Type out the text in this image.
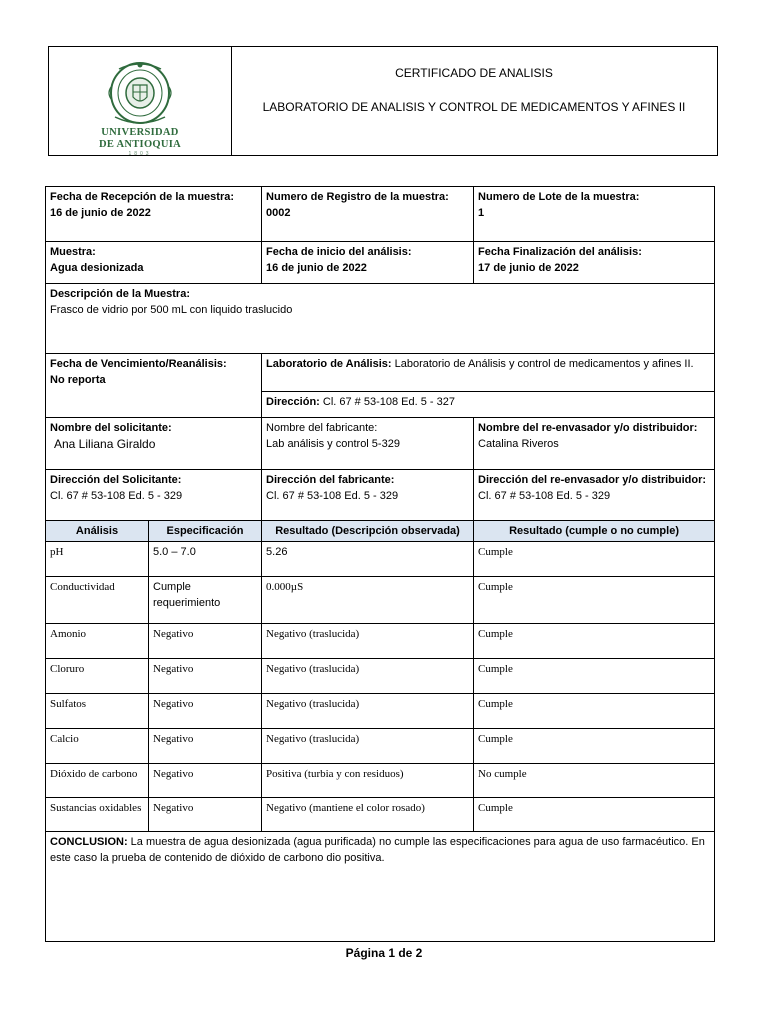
UNIVERSIDAD
DE ANTIOQUIA
1803
CERTIFICADO DE ANALISIS
LABORATORIO DE ANALISIS Y CONTROL DE MEDICAMENTOS Y AFINES II
Fecha de Recepción de la muestra:
16 de junio de 2022		Numero de Registro de la muestra:
0002	Numero de Lote de la muestra:
1
Muestra:
Agua desionizada		Fecha de inicio del análisis:
16 de junio de 2022	Fecha Finalización del análisis:
17 de junio de 2022
Descripción de la Muestra:
Frasco de vidrio por 500 mL con liquido traslucido			
Fecha de Vencimiento/Reanálisis:
No reporta		Laboratorio de Análisis: Laboratorio de Análisis y control de medicamentos y afines II.	
		Dirección: Cl. 67 # 53-108 Ed. 5 - 327	
Nombre del solicitante:
Ana Liliana Giraldo		Nombre del fabricante:
Lab análisis y control 5-329	Nombre del re-envasador y/o distribuidor:
Catalina Riveros
Dirección del Solicitante:
Cl. 67 # 53-108 Ed. 5 - 329		Dirección del fabricante:
Cl. 67 # 53-108 Ed. 5 - 329	Dirección del re-envasador y/o distribuidor:
Cl. 67 # 53-108 Ed. 5 - 329
Análisis	Especificación	Resultado (Descripción observada)	Resultado (cumple o no cumple)
pH	5.0 – 7.0	5.26	Cumple
Conductividad	Cumple requerimiento	0.000µS	Cumple
Amonio	Negativo	Negativo (traslucida)	Cumple
Cloruro	Negativo	Negativo (traslucida)	Cumple
Sulfatos	Negativo	Negativo (traslucida)	Cumple
Calcio	Negativo	Negativo (traslucida)	Cumple
Dióxido de carbono	Negativo	Positiva (turbia y con residuos)	No cumple
Sustancias oxidables	Negativo	Negativo (mantiene el color rosado)	Cumple
CONCLUSION: La muestra de agua desionizada (agua purificada) no cumple las especificaciones para agua de uso farmacéutico. En este caso la prueba de contenido de dióxido de carbono dio positiva.			
Página 1 de 2
